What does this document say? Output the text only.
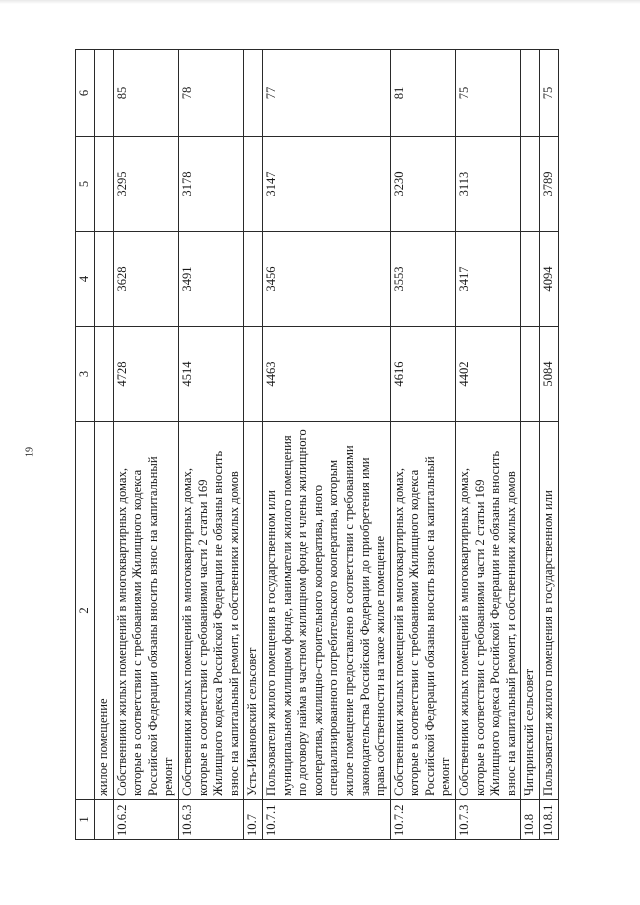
19
1	2	3	4	5	6
	жилое помещение				
10.6.2	Собственники жилых помещений в многоквартирных домах, которые в соответствии с требованиями Жилищного кодекса Российской Федерации обязаны вносить взнос на капитальный ремонт	4728	3628	3295	85
10.6.3	Собственники жилых помещений в многоквартирных домах, которые в соответствии с требованиями части 2 статьи 169 Жилищного кодекса Российской Федерации не обязаны вносить взнос на капитальный ремонт, и собственники жилых домов	4514	3491	3178	78
10.7	Усть-Ивановский сельсовет				
10.7.1	Пользователи жилого помещения в государственном или муниципальном жилищном фонде, наниматели жилого помещения по договору найма в частном жилищном фонде и члены жилищного кооператива, жилищно-строительного кооператива, иного специализированного потребительского кооператива, которым жилое помещение предоставлено в соответствии с требованиями законодательства Российской Федерации до приобретения ими права собственности на такое жилое помещение	4463	3456	3147	77
10.7.2	Собственники жилых помещений в многоквартирных домах, которые в соответствии с требованиями Жилищного кодекса Российской Федерации обязаны вносить взнос на капитальный ремонт	4616	3553	3230	81
10.7.3	Собственники жилых помещений в многоквартирных домах, которые в соответствии с требованиями части 2 статьи 169 Жилищного кодекса Российской Федерации не обязаны вносить взнос на капитальный ремонт, и собственники жилых домов	4402	3417	3113	75
10.8	Чигиринский сельсовет				
10.8.1	Пользователи жилого помещения в государственном или	5084	4094	3789	75
